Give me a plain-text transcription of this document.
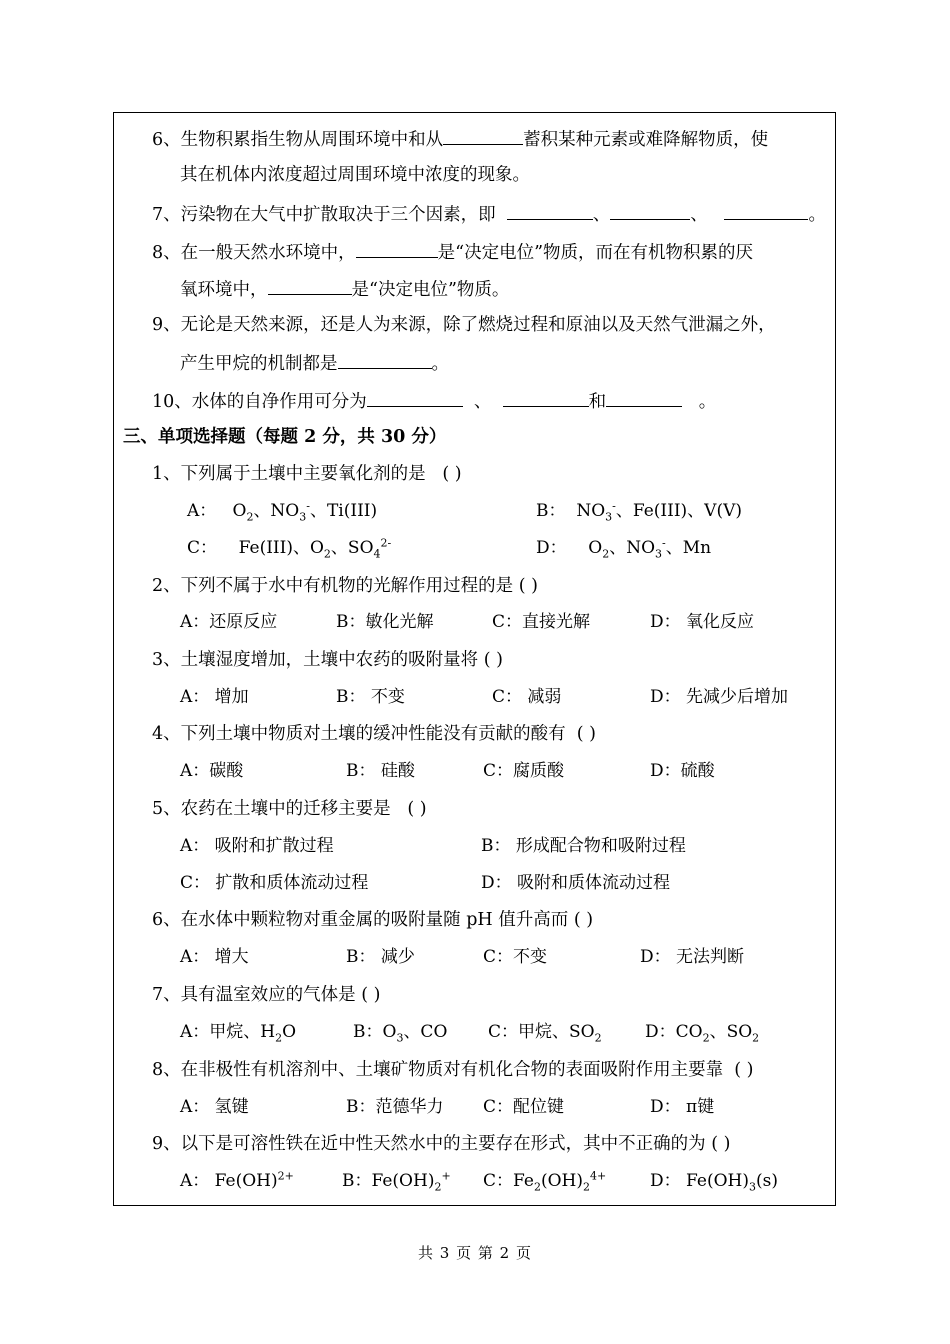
6、生物积累指生物从周围环境中和从	蓄积某种元素或难降解物质，使
其在机体内浓度超过周围环境中浓度的现象。
7、污染物在大气中扩散取决于三个因素，即	、	、	。
8、在一般天然水环境中，	是“决定电位”物质，而在有机物积累的厌
氧环境中，	是“决定电位”物质。
9、无论是天然来源，还是人为来源，除了燃烧过程和原油以及天然气泄漏之外，
产生甲烷的机制都是	。
10、水体的自净作用可分为	、	和	。
三、单项选择题（每题 2 分，共 30 分）
1、下列属于土壤中主要氧化剂的是 ( )
A： $O_2$、$NO_3^-$、Ti(III)	B： $NO_3^-$、Fe(III)、V(V)
C： Fe(III)、$O_2$、$SO_4^{2-}$	D： $O_2$、$NO_3^-$、Mn
2、下列不属于水中有机物的光解作用过程的是 ( )
A：还原反应	B：敏化光解	C：直接光解	D： 氧化反应
3、土壤湿度增加，土壤中农药的吸附量将 ( )
A： 增加	B： 不变	C： 减弱	D： 先减少后增加
4、下列土壤中物质对土壤的缓冲性能没有贡献的酸有 ( )
A：碳酸	B： 硅酸	C：腐质酸	D：硫酸
5、农药在土壤中的迁移主要是 ( )
A： 吸附和扩散过程	B： 形成配合物和吸附过程
C： 扩散和质体流动过程	D： 吸附和质体流动过程
6、在水体中颗粒物对重金属的吸附量随 pH 值升高而 ( )
A： 增大	B： 减少	C：不变	D： 无法判断
7、具有温室效应的气体是 ( )
A：甲烷、$H_2O$	B：$O_3$、CO C：甲烷、$SO_2$	D：$CO_2$、$SO_2$
8、在非极性有机溶剂中、土壤矿物质对有机化合物的表面吸附作用主要靠 ( )
A： 氢键	B：范德华力 C：配位键	D： π键
9、以下是可溶性铁在近中性天然水中的主要存在形式，其中不正确的为 ( )
A： Fe(OH)$^{2+}$	B：$Fe(OH)_2^+$ C：$Fe_2(OH)_2^{4+}$	D： $Fe(OH)_3(s)$
共 3 页 第 2 页
